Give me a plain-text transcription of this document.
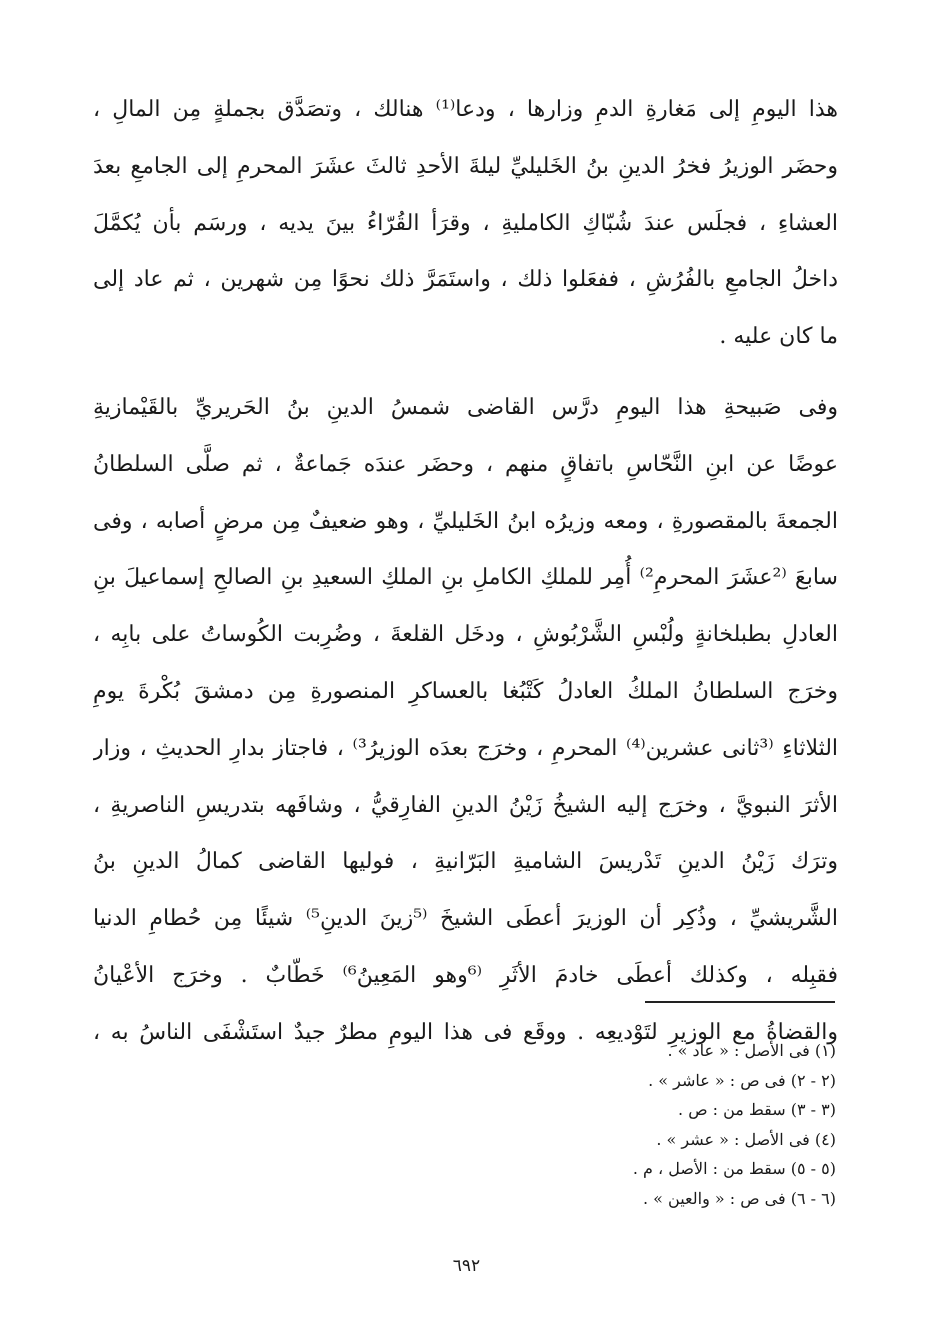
هذا اليومِ إلى مَغارةِ الدمِ وزارها ، ودعا⁽¹⁾ هنالك ، وتصَدَّق بجملةٍ مِن المالِ ،
وحضَر الوزيرُ فخرُ الدينِ بنُ الخَليليِّ ليلةَ الأحدِ ثالثَ عشَرَ المحرمِ إلى الجامعِ بعدَ
العشاءِ ، فجلَس عندَ شُبّاكِ الكامليةِ ، وقرَأ القُرّاءُ بينَ يديه ، ورسَم بأن يُكمَّلَ
داخلُ الجامعِ بالفُرُشِ ، ففعَلوا ذلك ، واستَمَرَّ ذلك نحوًا مِن شهرين ، ثم عاد إلى
ما كان عليه .
وفى صَبيحةِ هذا اليومِ درَّس القاضى شمسُ الدينِ بنُ الحَريريِّ بالقَيْمازيةِ
عوضًا عن ابنِ النَّحّاسِ باتفاقٍ منهم ، وحضَر عندَه جَماعةٌ ، ثم صلَّى السلطانُ
الجمعةَ بالمقصورةِ ، ومعه وزيرُه ابنُ الخَليليِّ ، وهو ضعيفٌ مِن مرضٍ أصابه ، وفى
سابعَ ⁽²عشَرَ المحرمِ²⁾ أُمِر للملكِ الكاملِ بنِ الملكِ السعيدِ بنِ الصالحِ إسماعيلَ بنِ
العادلِ بطبلخانةٍ ولُبْسِ الشَّرْبُوشِ ، ودخَل القلعةَ ، وضُرِبت الكُوساتُ على بابِه ،
وخرَج السلطانُ الملكُ العادلُ كَتْبُغا بالعساكرِ المنصورةِ مِن دمشقَ بُكْرةَ يومِ
الثلاثاءِ ⁽³ثانى عشرين⁽⁴⁾ المحرمِ ، وخرَج بعدَه الوزيرُ³⁾ ، فاجتاز بدارِ الحديثِ ، وزار
الأثرَ النبويَّ ، وخرَج إليه الشيخُ زَيْنُ الدينِ الفارِقيُّ ، وشافَهه بتدريسِ الناصريةِ ،
وترَك زَيْنُ الدينِ تَدْريسَ الشاميةِ البَرّانيةِ ، فوليها القاضى كمالُ الدينِ بنُ
الشَّريشيِّ ، وذُكِر أن الوزيرَ أعطَى الشيخَ ⁽⁵زينَ الدينِ⁵⁾ شيئًا مِن حُطامِ الدنيا
فقبِله ، وكذلك أعطَى خادمَ الأثَرِ ⁽⁶وهو المَعِينُ⁶⁾ خَطّابٌ . وخرَج الأعْيانُ
والقضاةُ مع الوزيرِ لتَوْديعِه . ووقَع فى هذا اليومِ مطرٌ جيدٌ استَشْفَى الناسُ به ،
(١) فى الأصل : « عاد » .
(٢ - ٢) فى ص : « عاشر » .
(٣ - ٣) سقط من : ص .
(٤) فى الأصل : « عشر » .
(٥ - ٥) سقط من : الأصل ، م .
(٦ - ٦) فى ص : « والعين » .
٦٩٢
